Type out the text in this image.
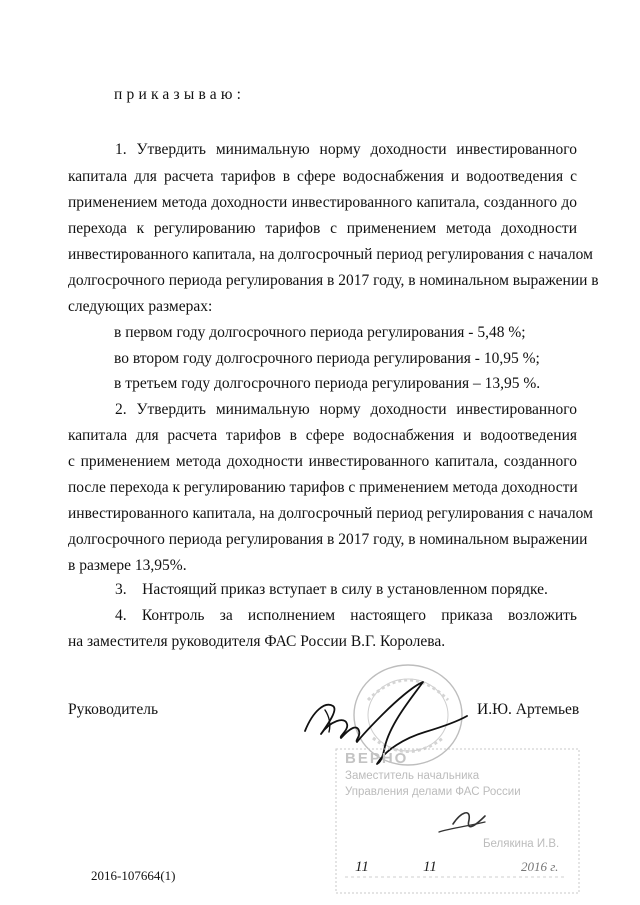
приказываю:
1. Утвердить минимальную норму доходности инвестированного
капитала для расчета тарифов в сфере водоснабжения и водоотведения с
применением метода доходности инвестированного капитала, созданного до
перехода к регулированию тарифов с применением метода доходности
инвестированного капитала, на долгосрочный период регулирования с началом
долгосрочного периода регулирования в 2017 году, в номинальном выражении в
следующих размерах:
в первом году долгосрочного периода регулирования - 5,48 %;
во втором году долгосрочного периода регулирования - 10,95 %;
в третьем году долгосрочного периода регулирования – 13,95 %.
2. Утвердить минимальную норму доходности инвестированного
капитала для расчета тарифов в сфере водоснабжения и водоотведения
с применением метода доходности инвестированного капитала, созданного
после перехода к регулированию тарифов с применением метода доходности
инвестированного капитала, на долгосрочный период регулирования с началом
долгосрочного периода регулирования в 2017 году, в номинальном выражении
в размере 13,95%.
3.    Настоящий приказ вступает в силу в установленном порядке.
4. Контроль за исполнением настоящего приказа возложить
на заместителя руководителя ФАС России В.Г. Королева.
Руководитель	И.Ю. Артемьев
ВЕРНО
Заместитель начальника
Управления делами ФАС России
Белякина И.В.
11	11	2016 г.
2016-107664(1)
